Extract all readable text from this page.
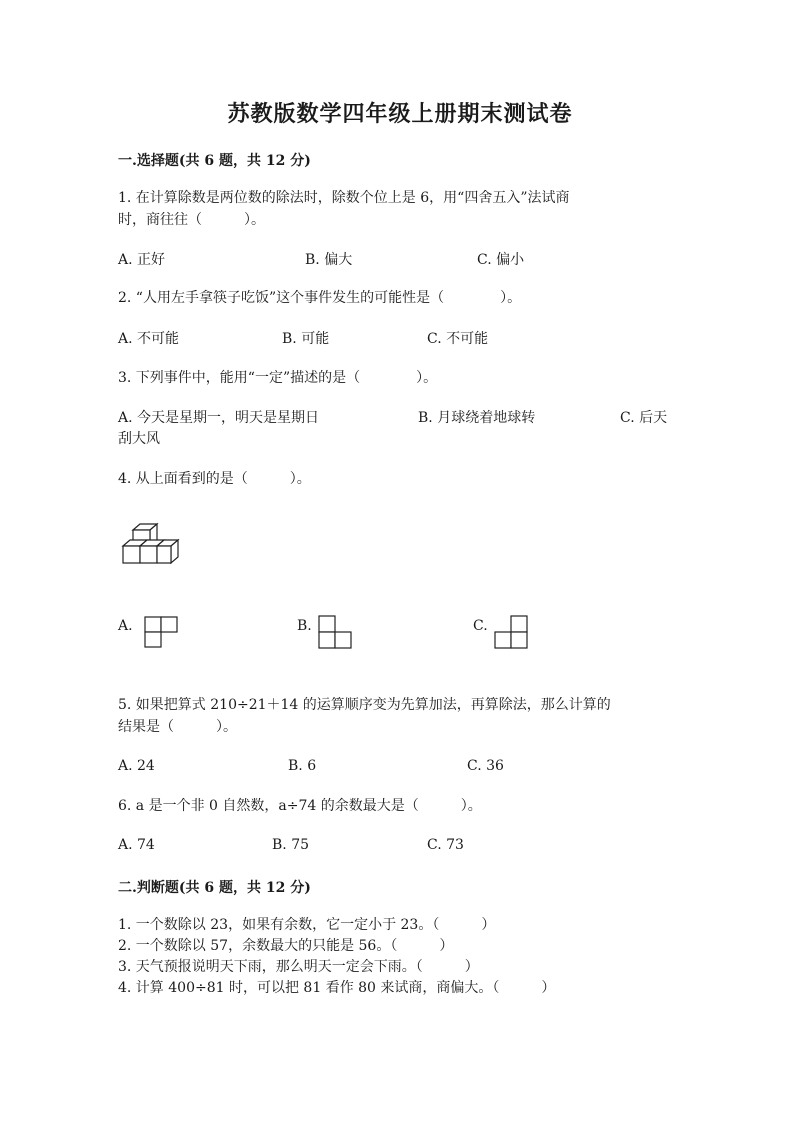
苏教版数学四年级上册期末测试卷
一.选择题(共 6 题，共 12 分)
1. 在计算除数是两位数的除法时，除数个位上是 6，用“四舍五入”法试商
时，商往往（　　　）。
A. 正好	B. 偏大	C. 偏小
2. “人用左手拿筷子吃饭”这个事件发生的可能性是（　　　　）。
A. 不可能	B. 可能	C. 不可能
3. 下列事件中，能用“一定”描述的是（　　　　）。
A. 今天是星期一，明天是星期日	B. 月球绕着地球转	C. 后天
刮大风
4. 从上面看到的是（　　　）。
A.	B.	C.
5. 如果把算式 210÷21＋14 的运算顺序变为先算加法，再算除法，那么计算的
结果是（　　　）。
A. 24	B. 6	C. 36
6. a 是一个非 0 自然数，a÷74 的余数最大是（　　　）。
A. 74	B. 75	C. 73
二.判断题(共 6 题，共 12 分)
1. 一个数除以 23，如果有余数，它一定小于 23。（　　　）
2. 一个数除以 57，余数最大的只能是 56。（　　　）
3. 天气预报说明天下雨，那么明天一定会下雨。（　　　）
4. 计算 400÷81 时，可以把 81 看作 80 来试商，商偏大。（　　　）
